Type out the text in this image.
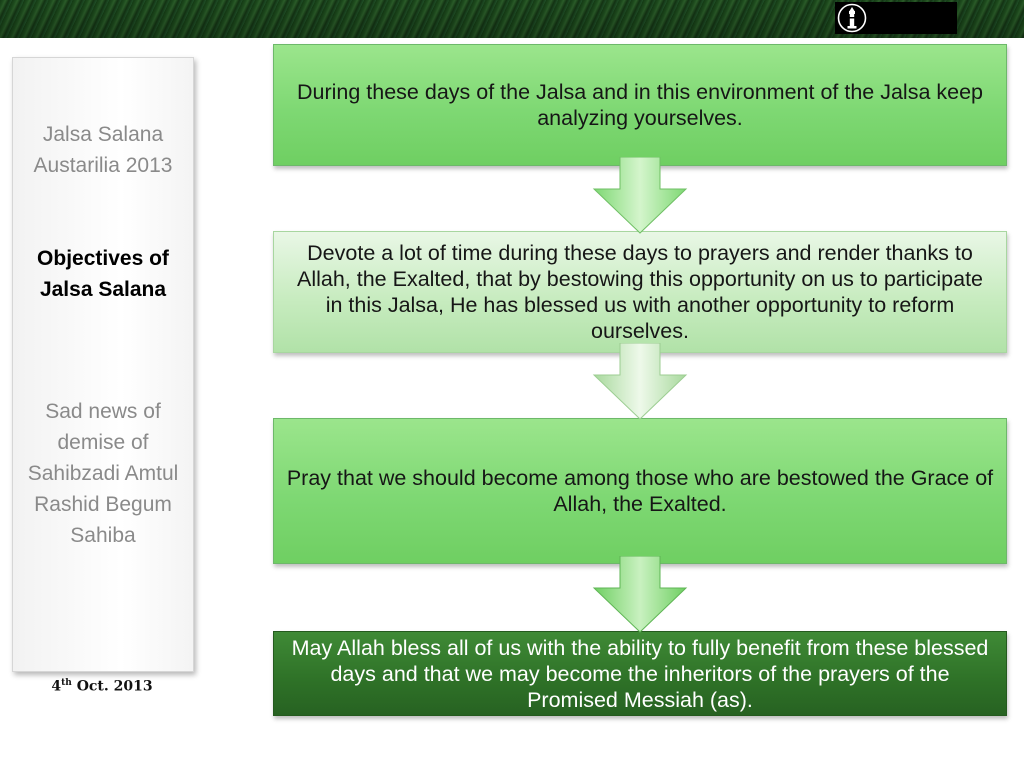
Jalsa Salana Austarilia 2013
Objectives of Jalsa Salana
Sad news of demise of Sahibzadi Amtul Rashid Begum Sahiba
4th Oct. 2013
During these days of the Jalsa and in this environment of the Jalsa keep analyzing yourselves.
Devote a lot of time during these days to prayers and render thanks to Allah, the Exalted, that by bestowing this opportunity on us to participate in this Jalsa, He has blessed us with another opportunity to reform ourselves.
Pray that we should become among those who are bestowed the Grace of Allah, the Exalted.
May Allah bless all of us with the ability to fully benefit from these blessed days and that we may become the inheritors of the prayers of the Promised Messiah (as).
